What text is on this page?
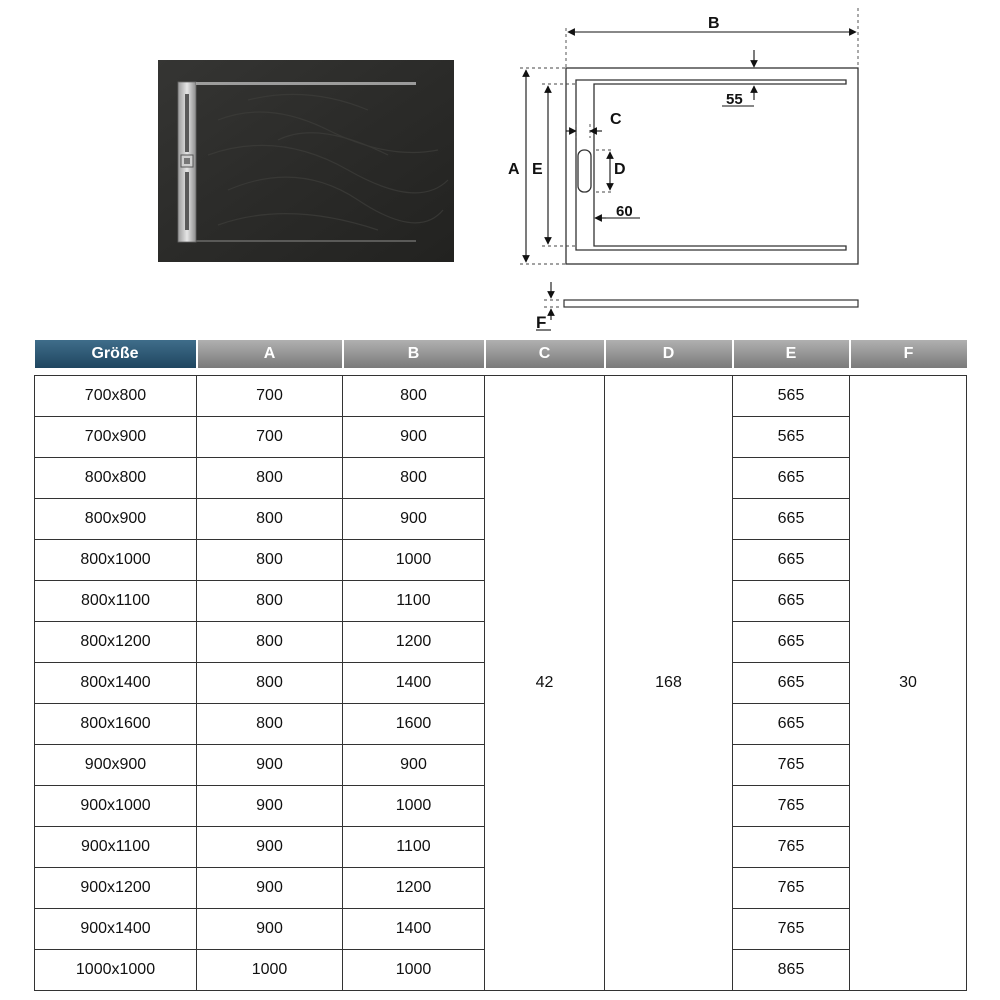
B
A E
C
D
55
60
F
Größe	A	B	C	D	E	F

700x800	700	800	42	168	565	30
700x900	700	900			565	
800x800	800	800			665	
800x900	800	900			665	
800x1000	800	1000			665	
800x1100	800	1100			665	
800x1200	800	1200			665	
800x1400	800	1400			665	
800x1600	800	1600			665	
900x900	900	900			765	
900x1000	900	1000			765	
900x1100	900	1100			765	
900x1200	900	1200			765	
900x1400	900	1400			765	
1000x1000	1000	1000			865	
